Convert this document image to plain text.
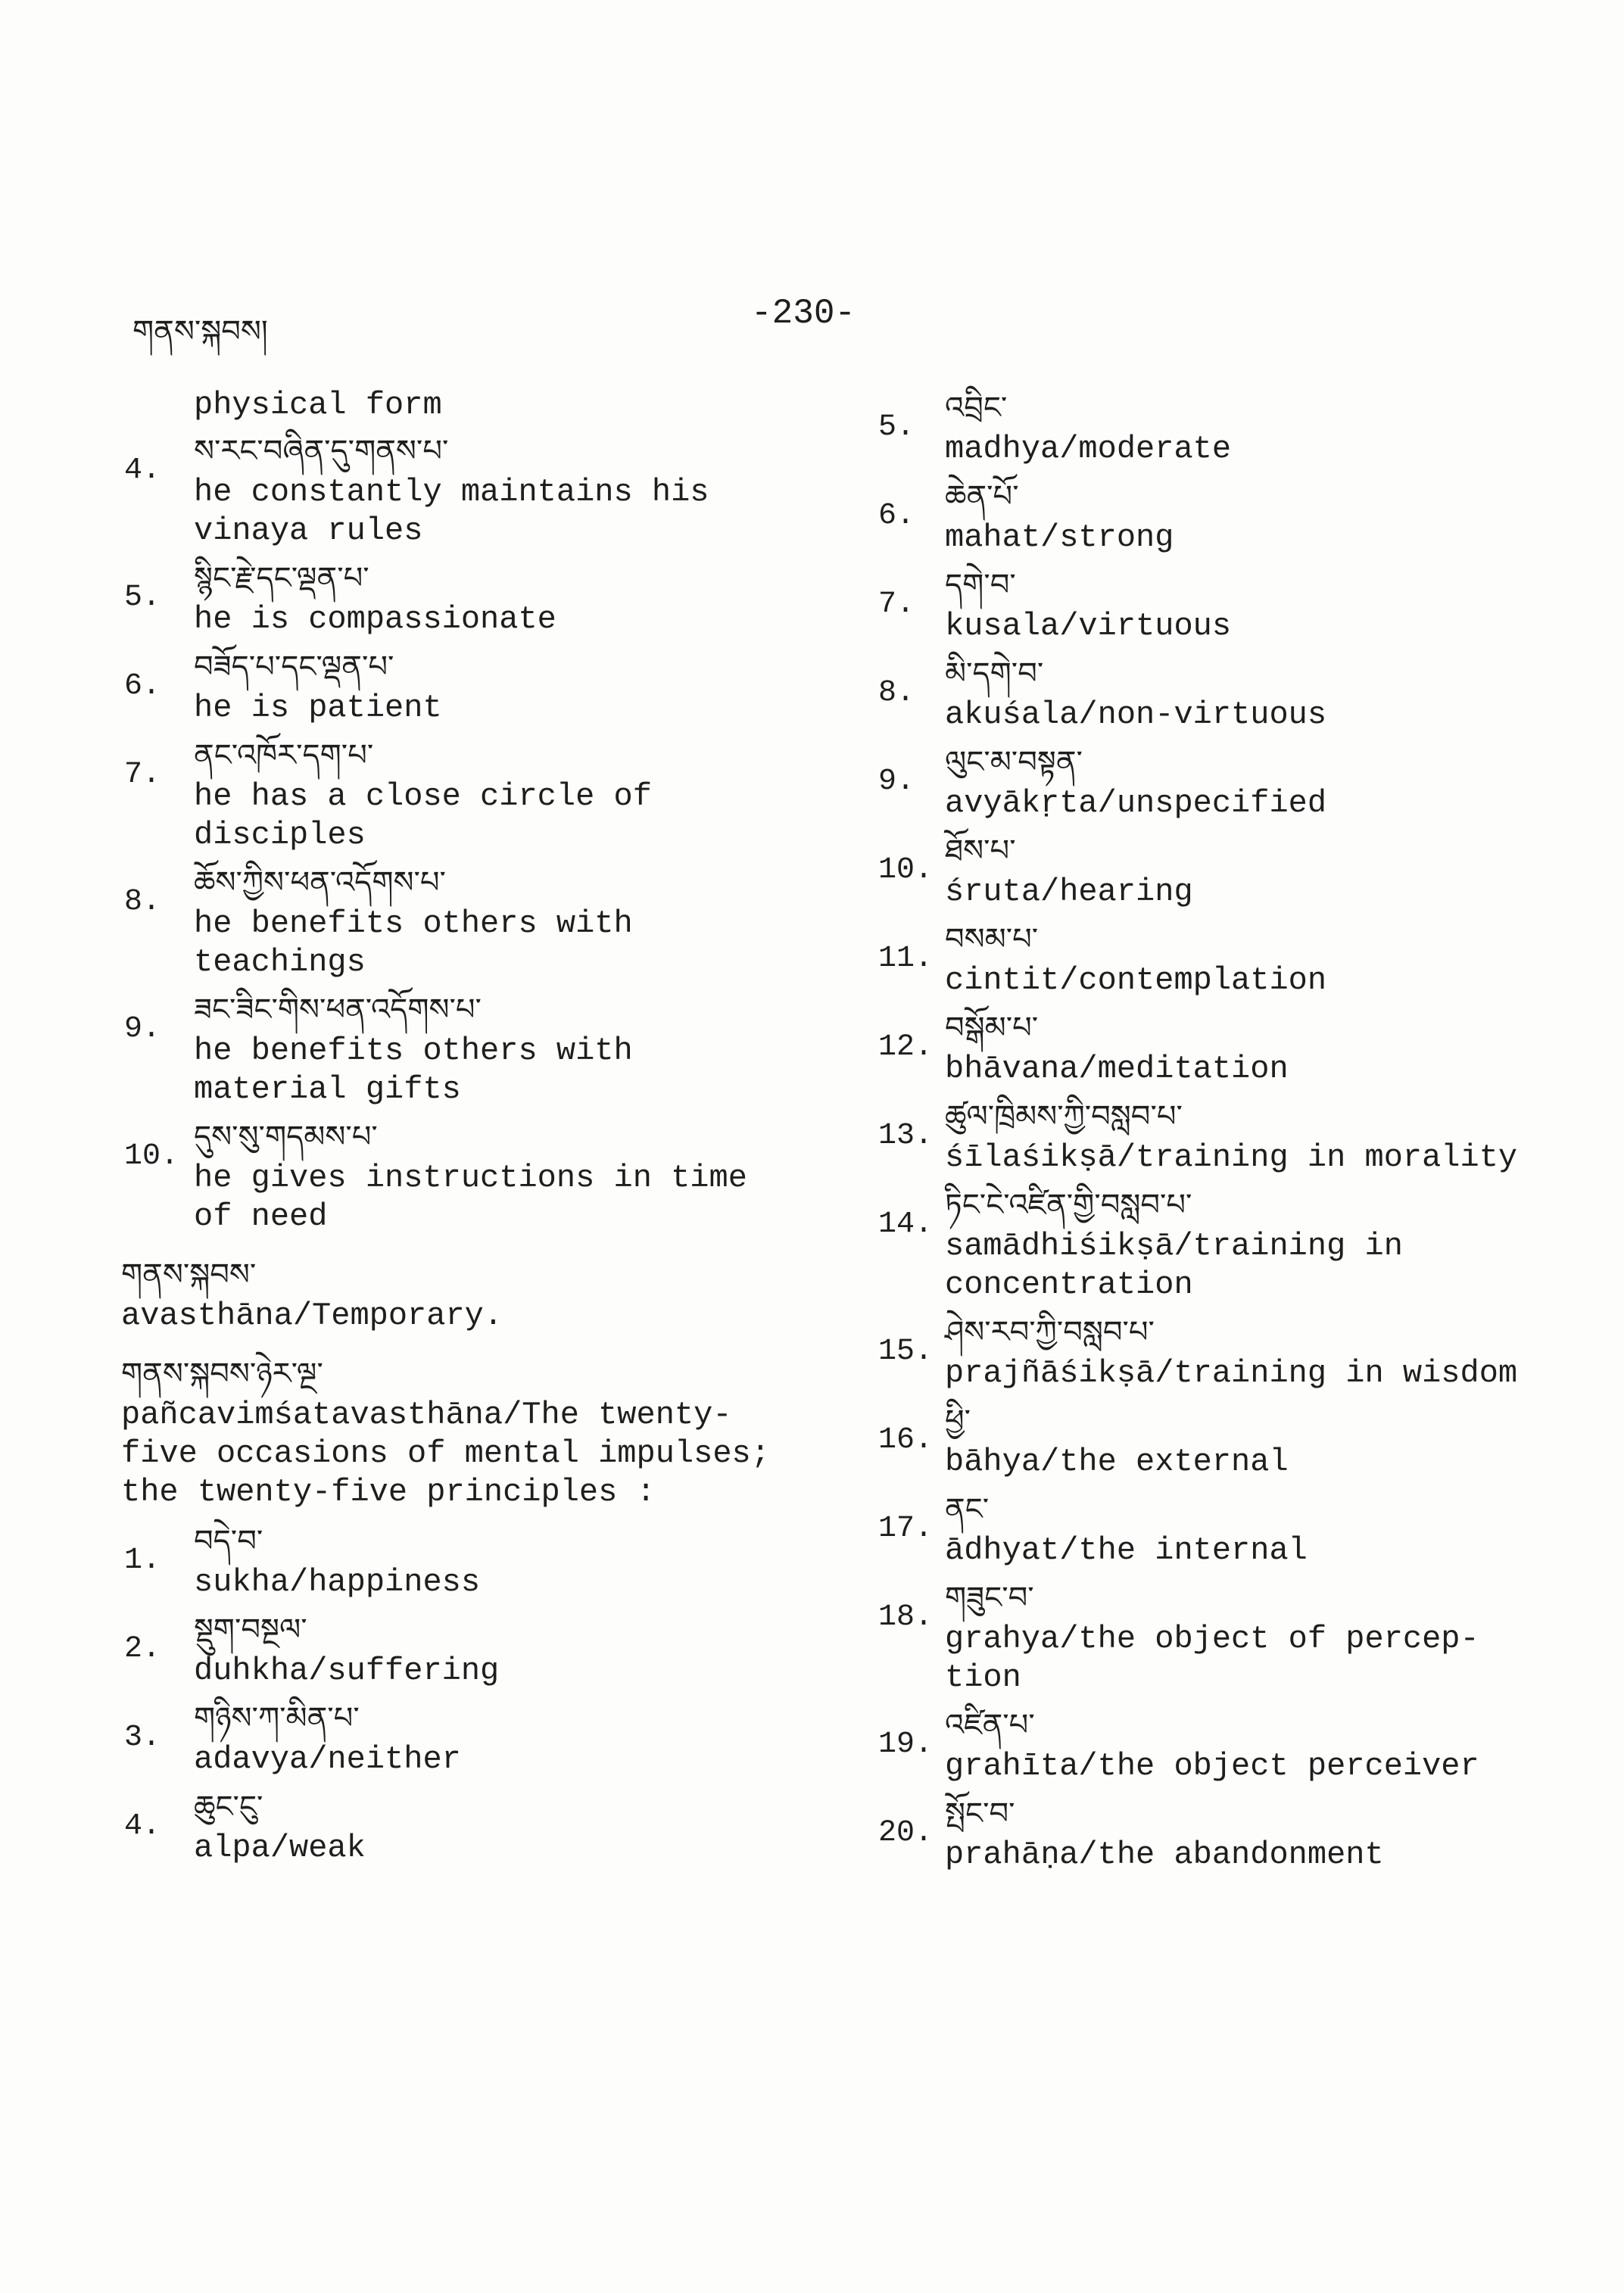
གནས་སྐབས།	-230-
physical form
4.
ས་རང་བཞིན་དུ་གནས་པ་
he constantly maintains his
vinaya rules
5.
སྙིང་རྗེ་དང་ལྡན་པ་
he is compassionate
6.
བཟོད་པ་དང་ལྡན་པ་
he is patient
7.
ནང་འཁོར་དག་པ་
he has a close circle of
disciples
8.
ཆོས་ཀྱིས་ཕན་འདོགས་པ་
he benefits others with
teachings
9.
ཟང་ཟིང་གིས་ཕན་འདོགས་པ་
he benefits others with
material gifts
10.
དུས་སུ་གདམས་པ་
he gives instructions in time
of need
གནས་སྐབས་
avasthāna/Temporary.
གནས་སྐབས་ཉེར་ལྔ་
pañcavimśatavasthāna/The twenty-
five occasions of mental impulses;
the twenty-five principles :
1.
བདེ་བ་
sukha/happiness
2.
སྡུག་བསྔལ་
duhkha/suffering
3.
གཉིས་ཀ་མིན་པ་
adavya/neither
4.
ཆུང་ངུ་
alpa/weak
5.
འབྲིང་
madhya/moderate
6.
ཆེན་པོ་
mahat/strong
7.
དགེ་བ་
kusala/virtuous
8.
མི་དགེ་བ་
akuśala/non-virtuous
9.
ལུང་མ་བསྟན་
avyākṛta/unspecified
10.
ཐོས་པ་
śruta/hearing
11.
བསམ་པ་
cintit/contemplation
12.
བསྒོམ་པ་
bhāvana/meditation
13.
ཚུལ་ཁྲིམས་ཀྱི་བསླབ་པ་
śīlaśikṣā/training in morality
14.
ཏིང་ངེ་འཛིན་གྱི་བསླབ་པ་
samādhiśikṣā/training in
concentration
15.
ཤེས་རབ་ཀྱི་བསླབ་པ་
prajñāśikṣā/training in wisdom
16.
ཕྱི་
bāhya/the external
17.
ནང་
ādhyat/the internal
18.
གཟུང་བ་
grahya/the object of percep-
tion
19.
འཛིན་པ་
grahīta/the object perceiver
20.
སྤོང་བ་
prahāṇa/the abandonment
